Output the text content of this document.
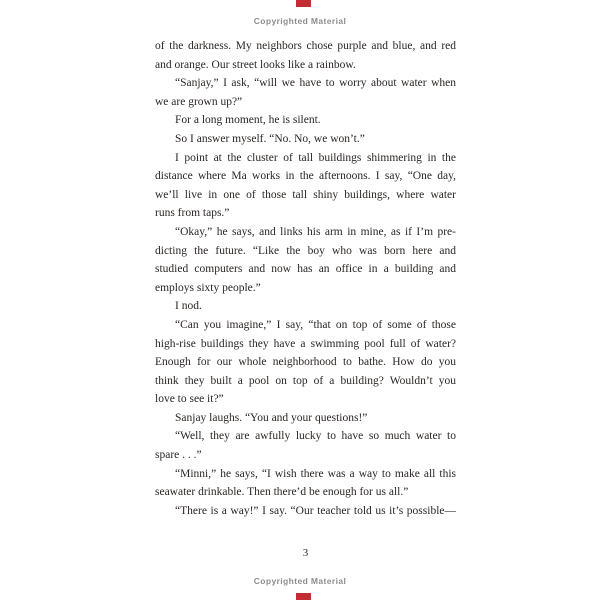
Copyrighted Material
of the darkness. My neighbors chose purple and blue, and red
and orange. Our street looks like a rainbow.
“Sanjay,” I ask, “will we have to worry about water when
we are grown up?”
For a long moment, he is silent.
So I answer myself. “No. No, we won’t.”
I point at the cluster of tall buildings shimmering in the
distance where Ma works in the afternoons. I say, “One day,
we’ll live in one of those tall shiny buildings, where water
runs from taps.”
“Okay,” he says, and links his arm in mine, as if I’m pre-
dicting the future. “Like the boy who was born here and
studied computers and now has an office in a building and
employs sixty people.”
I nod.
“Can you imagine,” I say, “that on top of some of those
high-rise buildings they have a swimming pool full of water?
Enough for our whole neighborhood to bathe. How do you
think they built a pool on top of a building? Wouldn’t you
love to see it?”
Sanjay laughs. “You and your questions!”
“Well, they are awfully lucky to have so much water to
spare . . .”
“Minni,” he says, “I wish there was a way to make all this
seawater drinkable. Then there’d be enough for us all.”
“There is a way!” I say. “Our teacher told us it’s possible—
3
Copyrighted Material
